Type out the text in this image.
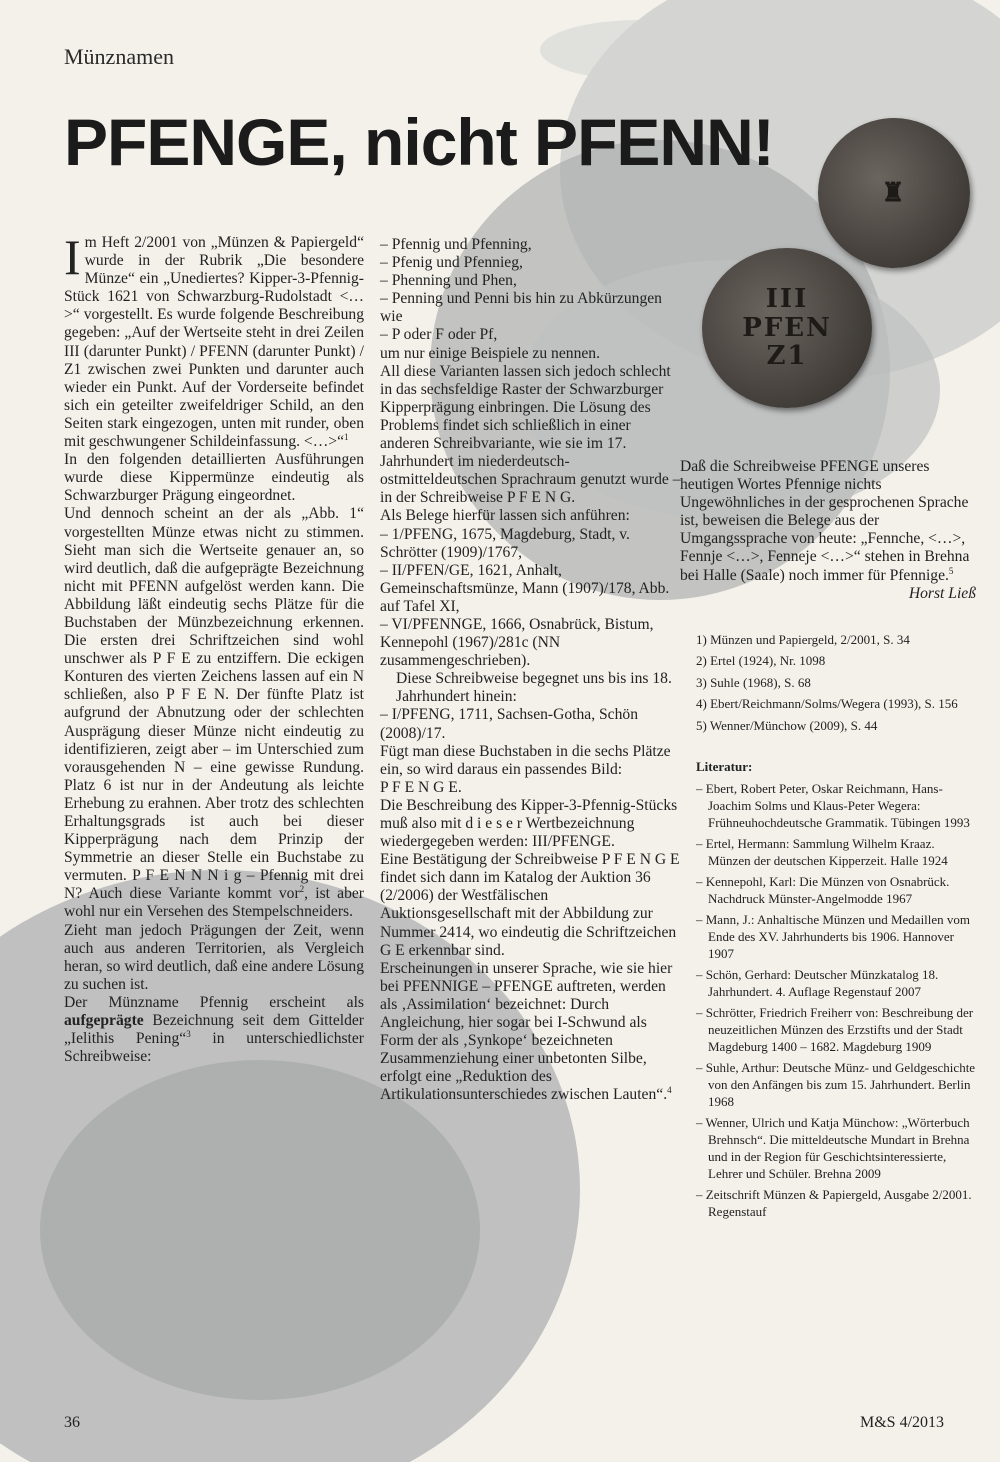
♜
III
PFEN
Z1
Münznamen
PFENGE, nicht PFENN!

Im Heft 2/2001 von „Münzen & Papiergeld“ wurde in der Rubrik „Die besondere Münze“ ein „Unediertes? Kipper-3-Pfennig-Stück 1621 von Schwarzburg-Rudolstadt <…>“ vorgestellt. Es wurde folgende Beschreibung gegeben: „Auf der Wertseite steht in drei Zeilen III (darunter Punkt) / PFENN (darunter Punkt) / Z1 zwischen zwei Punkten und darunter auch wieder ein Punkt. Auf der Vorderseite befindet sich ein geteilter zweifeldriger Schild, an den Seiten stark eingezogen, unten mit runder, oben mit geschwungener Schildeinfassung. <…>“$^1$

In den folgenden detaillierten Ausführungen wurde diese Kippermünze eindeutig als Schwarzburger Prägung eingeordnet.

Und dennoch scheint an der als „Abb. 1“ vorgestellten Münze etwas nicht zu stimmen. Sieht man sich die Wertseite genauer an, so wird deutlich, daß die aufgeprägte Bezeichnung nicht mit PFENN aufgelöst werden kann. Die Abbildung läßt eindeutig sechs Plätze für die Buchstaben der Münzbezeichnung erkennen. Die ersten drei Schriftzeichen sind wohl unschwer als P F E zu entziffern. Die eckigen Konturen des vierten Zeichens lassen auf ein N schließen, also P F E N. Der fünfte Platz ist aufgrund der Abnutzung oder der schlechten Ausprägung dieser Münze nicht eindeutig zu identifizieren, zeigt aber – im Unterschied zum vorausgehenden N – eine gewisse Rundung. Platz 6 ist nur in der Andeutung als leichte Erhebung zu erahnen. Aber trotz des schlechten Erhaltungsgrads ist auch bei dieser Kipperprägung nach dem Prinzip der Symmetrie an dieser Stelle ein Buchstabe zu vermuten. P F E N N N i g – Pfennig mit drei N? Auch diese Variante kommt vor$^2$, ist aber wohl nur ein Versehen des Stempelschneiders.

Zieht man jedoch Prägungen der Zeit, wenn auch aus anderen Territorien, als Vergleich heran, so wird deutlich, daß eine andere Lösung zu suchen ist.

Der Münzname Pfennig erscheint als aufgeprägte Bezeichnung seit dem Gittelder „Ielithis Pening“$^3$ in unterschiedlichster Schreibweise:

– Pfennig und Pfenning,
– Pfenig und Pfennieg,
– Phenning und Phen,
– Penning und Penni bis hin zu Abkürzungen wie
– P oder F oder Pf,

um nur einige Beispiele zu nennen.

All diese Varianten lassen sich jedoch schlecht in das sechsfeldige Raster der Schwarzburger Kipperprägung einbringen. Die Lösung des Problems findet sich schließlich in einer anderen Schreibvariante, wie sie im 17. Jahrhundert im niederdeutsch-ostmitteldeutschen Sprachraum genutzt wurde – in der Schreibweise P F E N G.

Als Belege hierfür lassen sich anführen:

– 1/PFENG, 1675, Magdeburg, Stadt, v. Schrötter (1909)/1767,
– II/PFEN/GE, 1621, Anhalt, Gemeinschaftsmünze, Mann (1907)/178, Abb. auf Tafel XI,
– VI/PFENNGE, 1666, Osnabrück, Bistum, Kennepohl (1967)/281c (NN zusammengeschrieben).
Diese Schreibweise begegnet uns bis ins 18. Jahrhundert hinein:
– I/PFENG, 1711, Sachsen-Gotha, Schön (2008)/17.

Fügt man diese Buchstaben in die sechs Plätze ein, so wird daraus ein passendes Bild:

P F E N G E.

Die Beschreibung des Kipper-3-Pfennig-Stücks muß also mit d i e s e r Wertbezeichnung wiedergegeben werden: III/PFENGE.

Eine Bestätigung der Schreibweise P F E N G E findet sich dann im Katalog der Auktion 36 (2/2006) der Westfälischen Auktionsgesellschaft mit der Abbildung zur Nummer 2414, wo eindeutig die Schriftzeichen G E erkennbar sind.

Erscheinungen in unserer Sprache, wie sie hier bei PFENNIGE – PFENGE auftreten, werden als ‚Assimilation‘ bezeichnet: Durch Angleichung, hier sogar bei I-Schwund als Form der als ‚Synkope‘ bezeichneten Zusammenziehung einer unbetonten Silbe, erfolgt eine „Reduktion des Artikulationsunterschiedes zwischen Lauten“.$^4$

Daß die Schreibweise PFENGE unseres heutigen Wortes Pfennige nichts Ungewöhnliches in der gesprochenen Sprache ist, beweisen die Belege aus der Umgangssprache von heute: „Fennche, <…>, Fennje <…>, Fenneje <…>“ stehen in Brehna bei Halle (Saale) noch immer für Pfennige.$^5$

Horst Ließ

1) Münzen und Papiergeld, 2/2001, S. 34
2) Ertel (1924), Nr. 1098
3) Suhle (1968), S. 68
4) Ebert/Reichmann/Solms/Wegera (1993), S. 156
5) Wenner/Münchow (2009), S. 44
Literatur:
– Ebert, Robert Peter, Oskar Reichmann, Hans-Joachim Solms und Klaus-Peter Wegera: Frühneuhochdeutsche Grammatik. Tübingen 1993
– Ertel, Hermann: Sammlung Wilhelm Kraaz. Münzen der deutschen Kipperzeit. Halle 1924
– Kennepohl, Karl: Die Münzen von Osnabrück. Nachdruck Münster-Angelmodde 1967
– Mann, J.: Anhaltische Münzen und Medaillen vom Ende des XV. Jahrhunderts bis 1906. Hannover 1907
– Schön, Gerhard: Deutscher Münzkatalog 18. Jahrhundert. 4. Auflage Regenstauf 2007
– Schrötter, Friedrich Freiherr von: Beschreibung der neuzeitlichen Münzen des Erzstifts und der Stadt Magdeburg 1400 – 1682. Magdeburg 1909
– Suhle, Arthur: Deutsche Münz- und Geldgeschichte von den Anfängen bis zum 15. Jahrhundert. Berlin 1968
– Wenner, Ulrich und Katja Münchow: „Wörterbuch Brehnsch“. Die mitteldeutsche Mundart in Brehna und in der Region für Geschichtsinteressierte, Lehrer und Schüler. Brehna 2009
– Zeitschrift Münzen & Papiergeld, Ausgabe 2/2001. Regenstauf
36	M&S 4/2013
